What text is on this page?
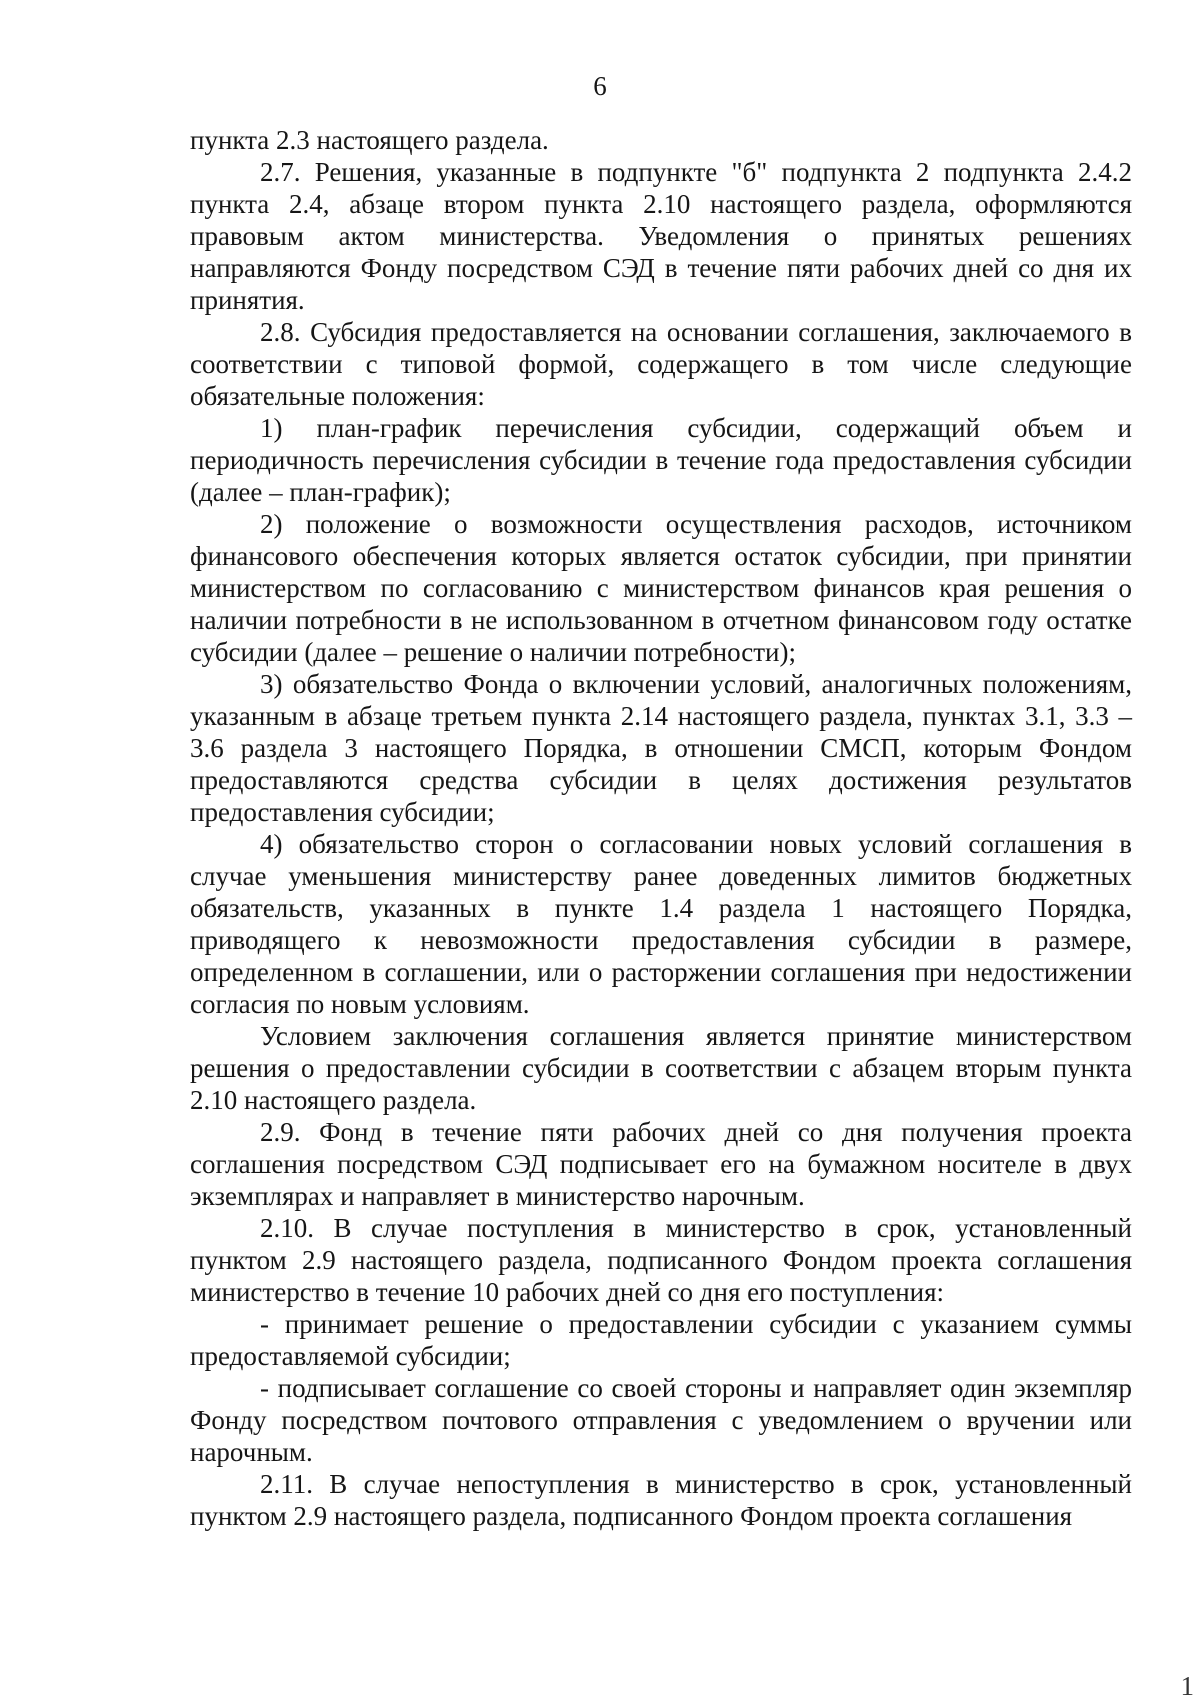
6

пункта 2.3 настоящего раздела.

2.7. Решения, указанные в подпункте "б" подпункта 2 подпункта 2.4.2 пункта 2.4, абзаце втором пункта 2.10 настоящего раздела, оформляются правовым актом министерства. Уведомления о принятых решениях направляются Фонду посредством СЭД в течение пяти рабочих дней со дня их принятия.

2.8. Субсидия предоставляется на основании соглашения, заключаемого в соответствии с типовой формой, содержащего в том числе следующие обязательные положения:

1) план-график перечисления субсидии, содержащий объем и периодичность перечисления субсидии в течение года предоставления субсидии (далее – план-график);

2) положение о возможности осуществления расходов, источником финансового обеспечения которых является остаток субсидии, при принятии министерством по согласованию с министерством финансов края решения о наличии потребности в не использованном в отчетном финансовом году остатке субсидии (далее – решение о наличии потребности);

3) обязательство Фонда о включении условий, аналогичных положениям, указанным в абзаце третьем пункта 2.14 настоящего раздела, пунктах 3.1, 3.3 – 3.6 раздела 3 настоящего Порядка, в отношении СМСП, которым Фондом предоставляются средства субсидии в целях достижения результатов предоставления субсидии;

4) обязательство сторон о согласовании новых условий соглашения в случае уменьшения министерству ранее доведенных лимитов бюджетных обязательств, указанных в пункте 1.4 раздела 1 настоящего Порядка, приводящего к невозможности предоставления субсидии в размере, определенном в соглашении, или о расторжении соглашения при недостижении согласия по новым условиям.

Условием заключения соглашения является принятие министерством решения о предоставлении субсидии в соответствии с абзацем вторым пункта 2.10 настоящего раздела.

2.9. Фонд в течение пяти рабочих дней со дня получения проекта соглашения посредством СЭД подписывает его на бумажном носителе в двух экземплярах и направляет в министерство нарочным.

2.10. В случае поступления в министерство в срок, установленный пунктом 2.9 настоящего раздела, подписанного Фондом проекта соглашения министерство в течение 10 рабочих дней со дня его поступления:

- принимает решение о предоставлении субсидии с указанием суммы предоставляемой субсидии;

- подписывает соглашение со своей стороны и направляет один экземпляр Фонду посредством почтового отправления с уведомлением о вручении или нарочным.

2.11. В случае непоступления в министерство в срок, установленный пунктом 2.9 настоящего раздела, подписанного Фондом проекта соглашения

1
